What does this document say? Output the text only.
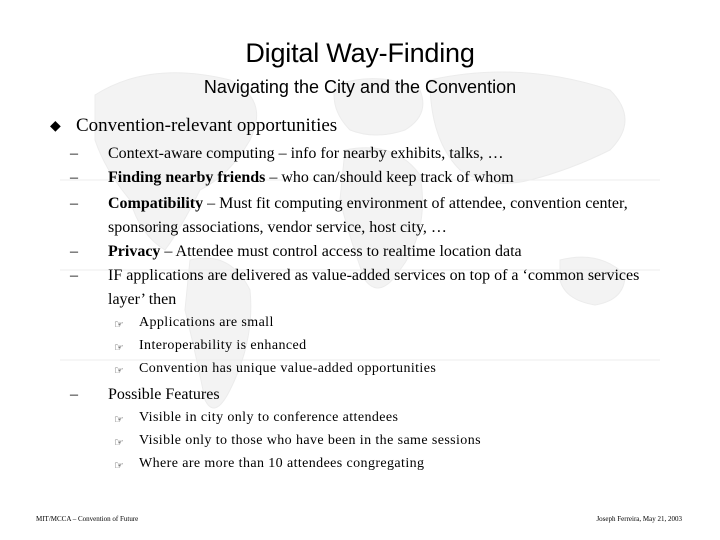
Digital Way-Finding
Navigating the City and the Convention
◆ Convention-relevant opportunities
– Context-aware computing – info for nearby exhibits, talks, …
– Finding nearby friends – who can/should keep track of whom
– Compatibility – Must fit computing environment of attendee, convention center, sponsoring associations, vendor service, host city, …
– Privacy – Attendee must control access to realtime location data
– IF applications are delivered as value-added services on top of a ‘common services layer’ then
☞ Applications are small
☞ Interoperability is enhanced
☞ Convention has unique value-added opportunities
– Possible Features
☞ Visible in city only to conference attendees
☞ Visible only to those who have been in the same sessions
☞ Where are more than 10 attendees congregating
MIT/MCCA – Convention of Future	Joseph Ferreira, May 21, 2003
